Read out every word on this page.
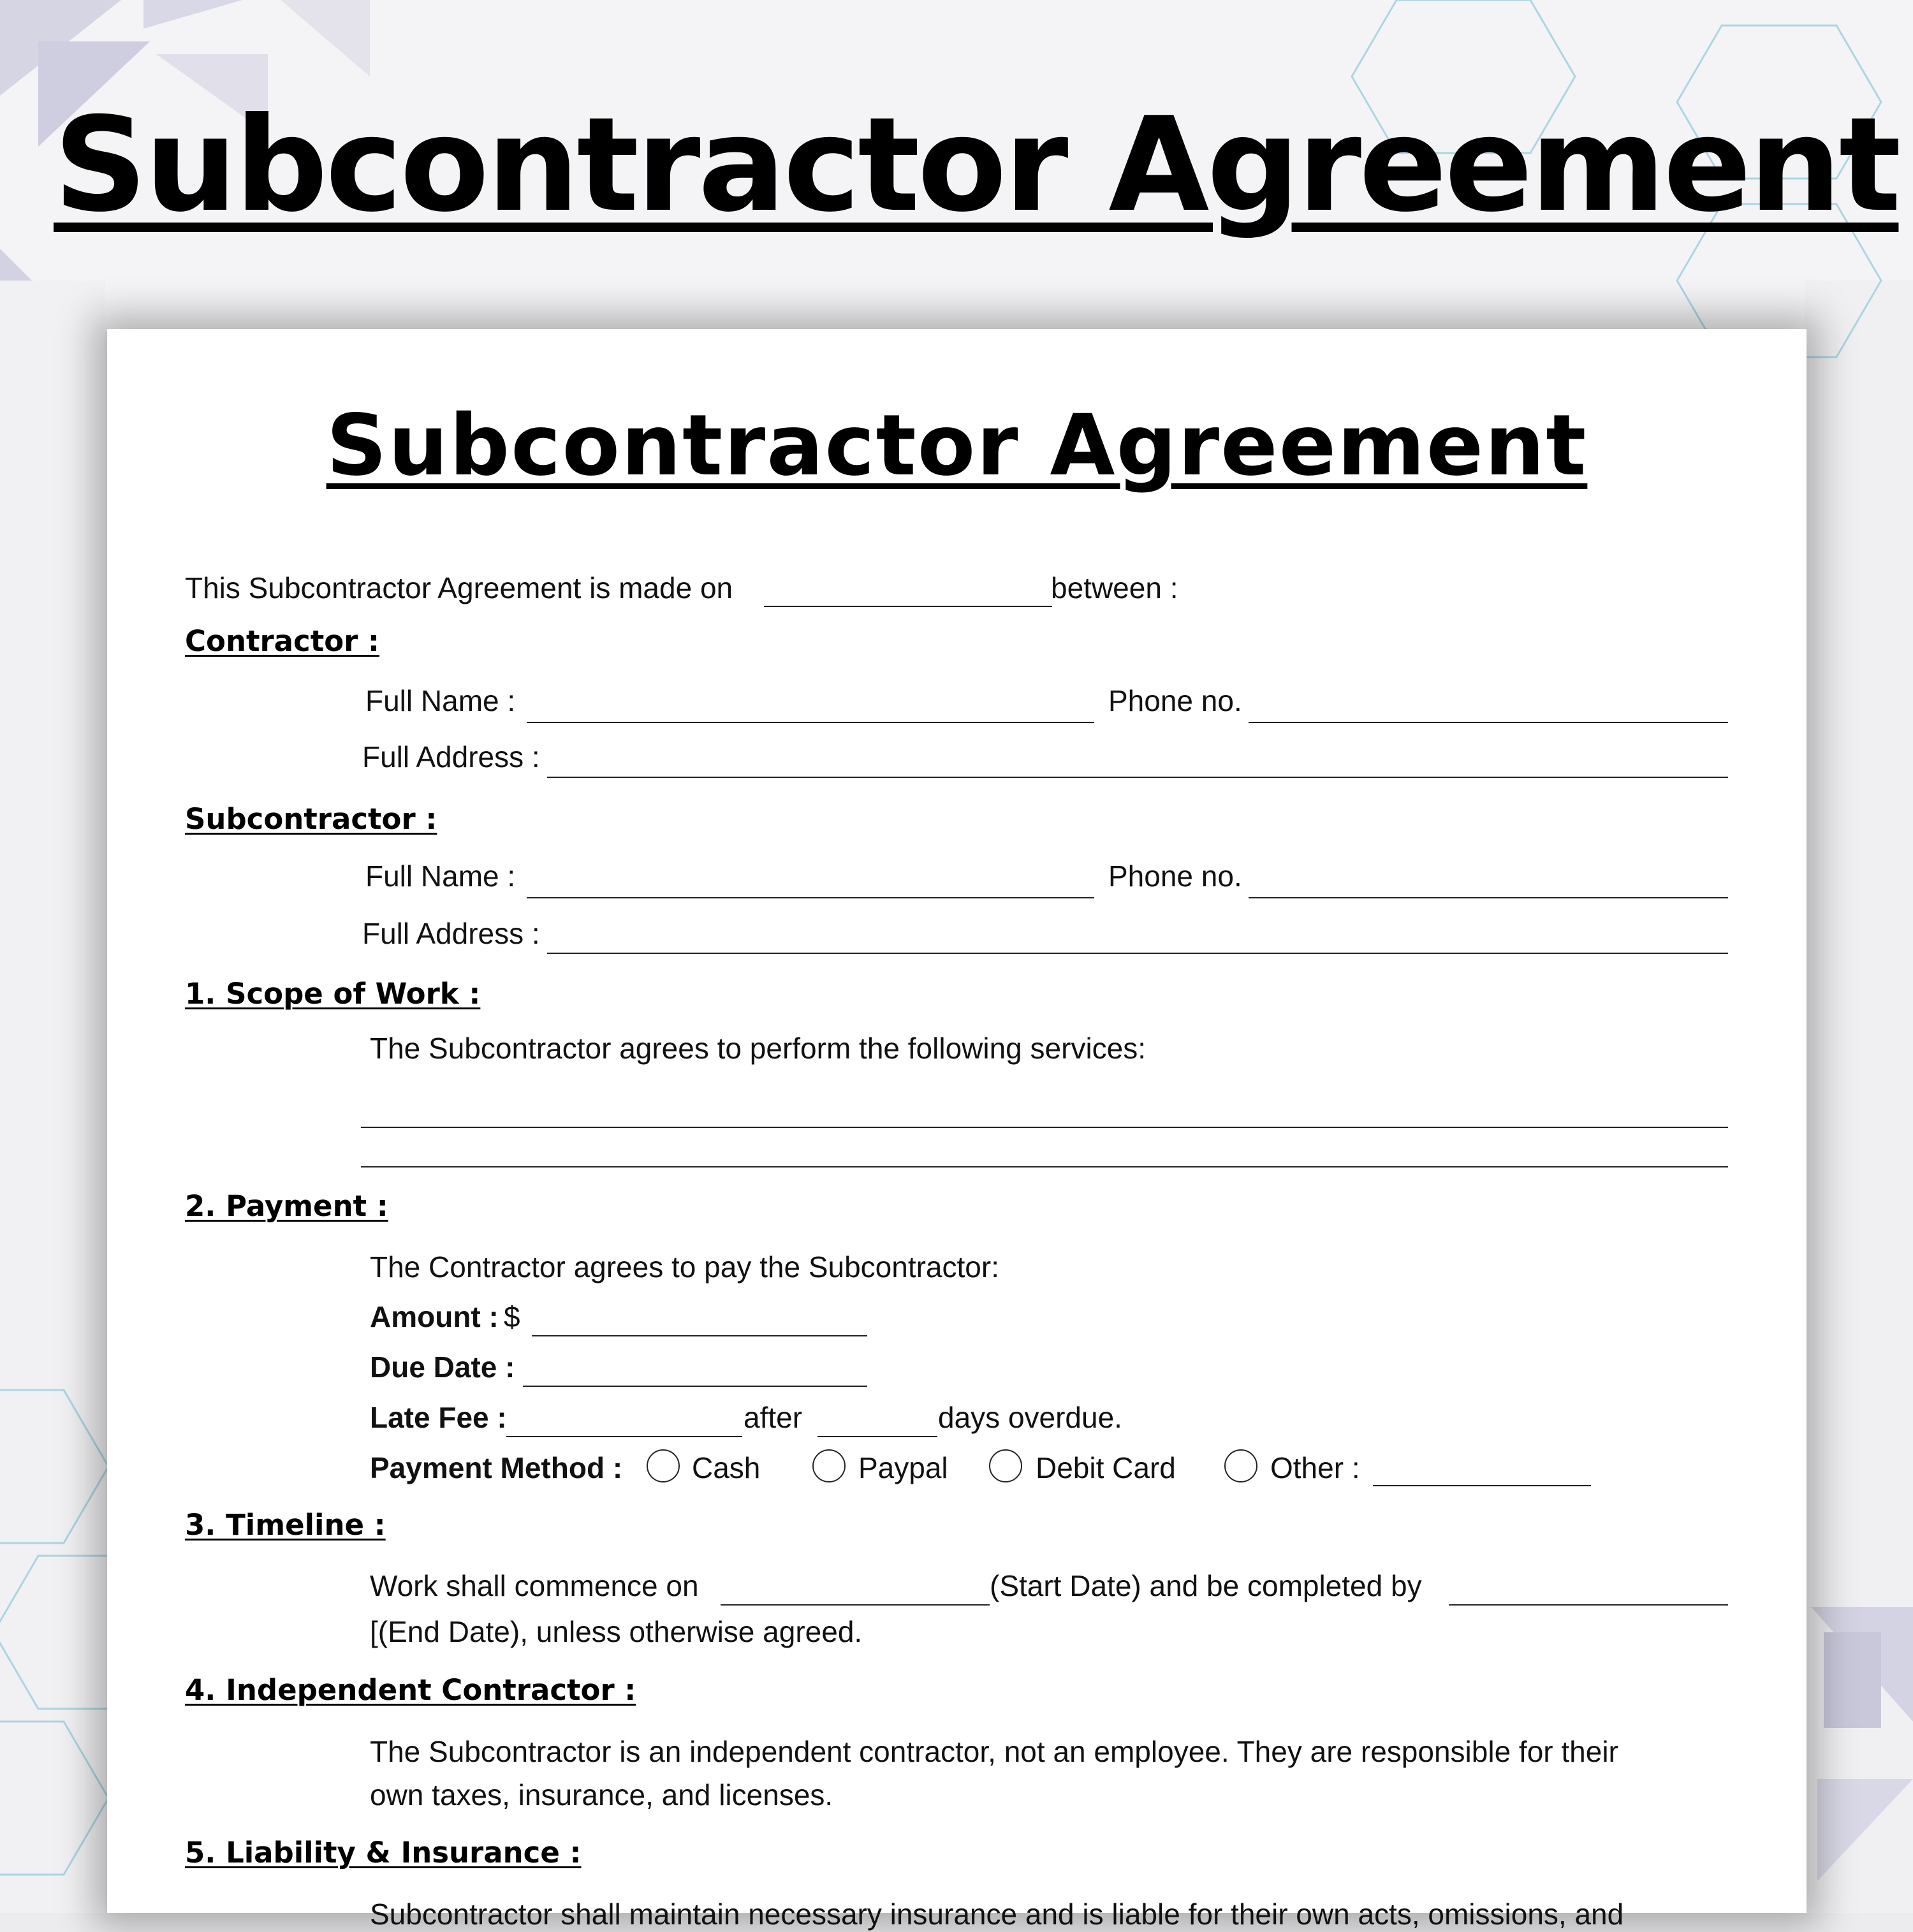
Subcontractor Agreement
Subcontractor Agreement
This Subcontractor Agreement is made on	between :
Contractor :
Full Name :	Phone no.
Full Address :
Subcontractor :
Full Name :	Phone no.
Full Address :
1. Scope of Work :
The Subcontractor agrees to perform the following services:
2. Payment :
The Contractor agrees to pay the Subcontractor:
Amount : $
Due Date :
Late Fee :	after	days overdue.
Payment Method : Cash	Paypal	Debit Card	Other :
3. Timeline :
Work shall commence on	(Start Date) and be completed by
[(End Date), unless otherwise agreed.
4. Independent Contractor :
The Subcontractor is an independent contractor, not an employee. They are responsible for their
own taxes, insurance, and licenses.
5. Liability & Insurance :
Subcontractor shall maintain necessary insurance and is liable for their own acts, omissions, and
